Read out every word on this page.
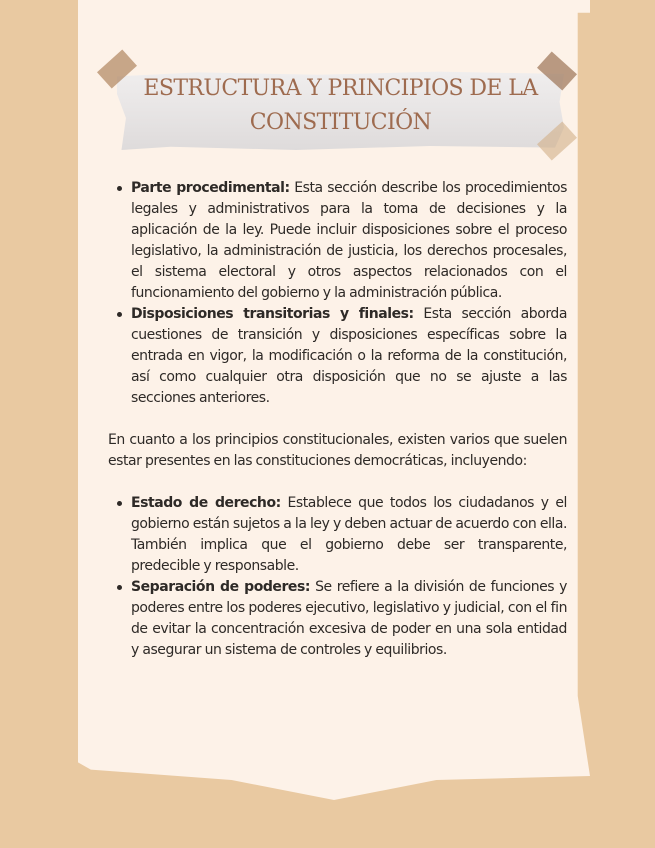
ESTRUCTURA Y PRINCIPIOS DE LA
CONSTITUCIÓN
Parte procedimental: Esta sección describe los procedimientos legales y administrativos para la toma de decisiones y la aplicación de la ley. Puede incluir disposiciones sobre el proceso legislativo, la administración de justicia, los derechos procesales, el sistema electoral y otros aspectos relacionados con el funcionamiento del gobierno y la administración pública.
Disposiciones transitorias y finales: Esta sección aborda cuestiones de transición y disposiciones específicas sobre la entrada en vigor, la modificación o la reforma de la constitución, así como cualquier otra disposición que no se ajuste a las secciones anteriores.

En cuanto a los principios constitucionales, existen varios que suelen estar presentes en las constituciones democráticas, incluyendo:

Estado de derecho: Establece que todos los ciudadanos y el gobierno están sujetos a la ley y deben actuar de acuerdo con ella. También implica que el gobierno debe ser transparente, predecible y responsable.
Separación de poderes: Se refiere a la división de funciones y poderes entre los poderes ejecutivo, legislativo y judicial, con el fin de evitar la concentración excesiva de poder en una sola entidad y asegurar un sistema de controles y equilibrios.
